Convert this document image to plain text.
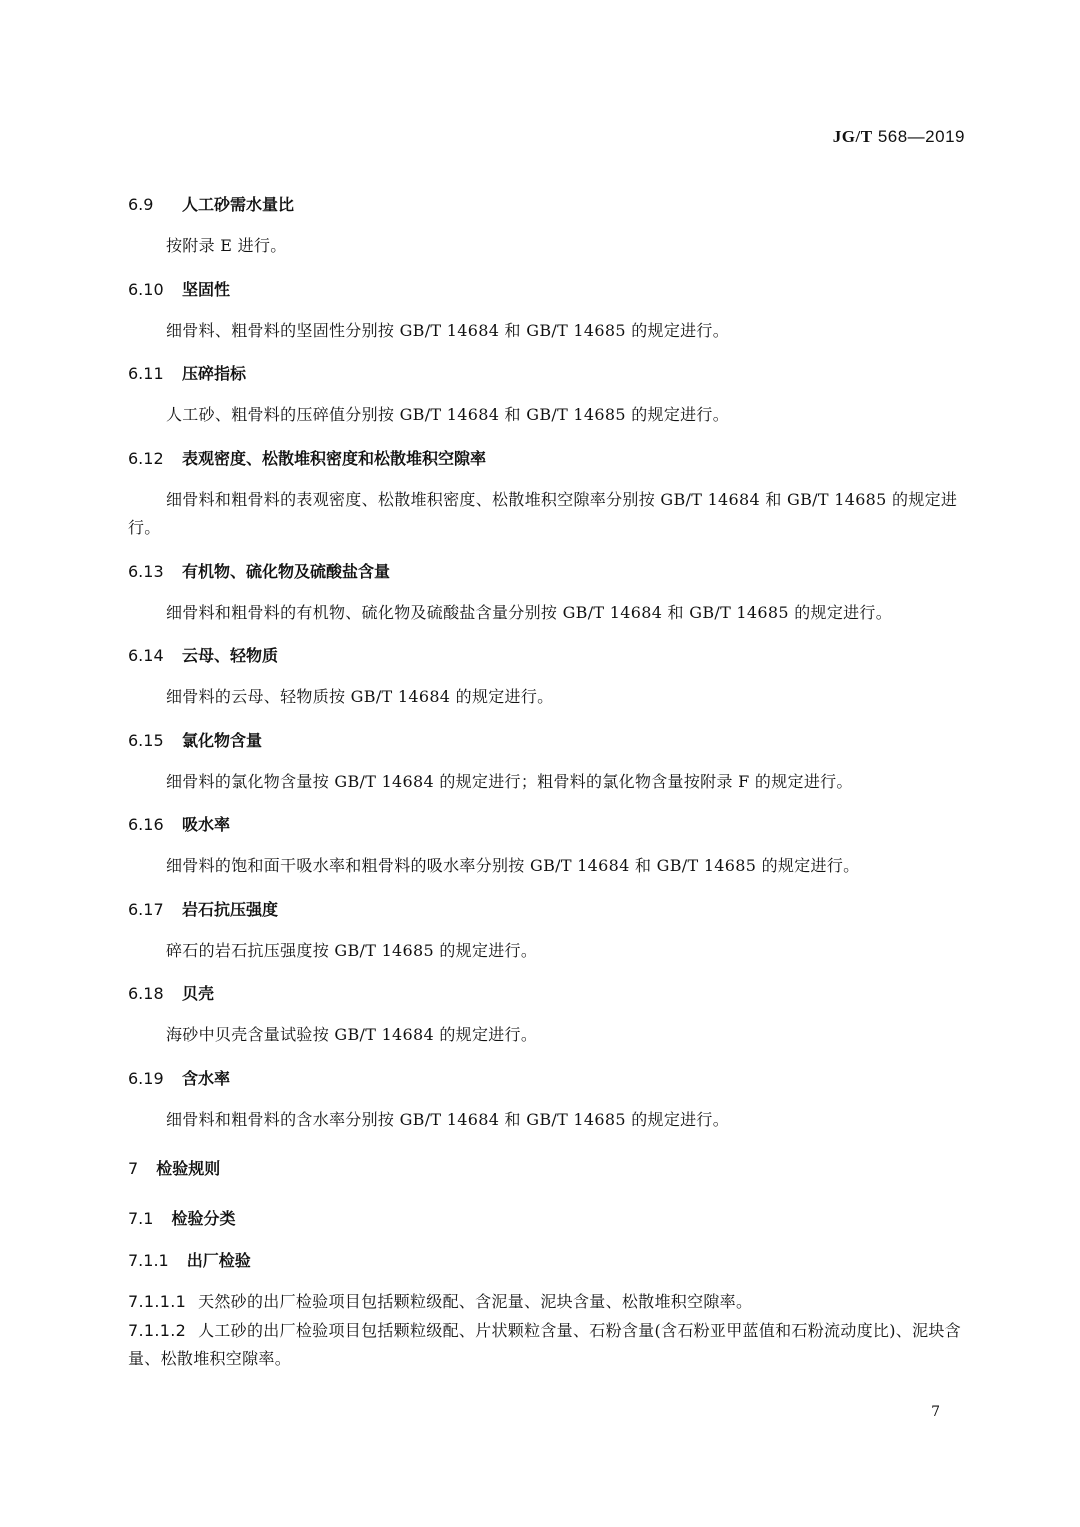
JG/T 568—2019
6.9 人工砂需水量比

按附录 E 进行。

6.10 坚固性

细骨料、粗骨料的坚固性分别按 GB/T 14684 和 GB/T 14685 的规定进行。

6.11 压碎指标

人工砂、粗骨料的压碎值分别按 GB/T 14684 和 GB/T 14685 的规定进行。

6.12 表观密度、松散堆积密度和松散堆积空隙率

细骨料和粗骨料的表观密度、松散堆积密度、松散堆积空隙率分别按 GB/T 14684 和 GB/T 14685 的规定进行。

6.13 有机物、硫化物及硫酸盐含量

细骨料和粗骨料的有机物、硫化物及硫酸盐含量分别按 GB/T 14684 和 GB/T 14685 的规定进行。

6.14 云母、轻物质

细骨料的云母、轻物质按 GB/T 14684 的规定进行。

6.15 氯化物含量

细骨料的氯化物含量按 GB/T 14684 的规定进行；粗骨料的氯化物含量按附录 F 的规定进行。

6.16 吸水率

细骨料的饱和面干吸水率和粗骨料的吸水率分别按 GB/T 14684 和 GB/T 14685 的规定进行。

6.17 岩石抗压强度

碎石的岩石抗压强度按 GB/T 14685 的规定进行。

6.18 贝壳

海砂中贝壳含量试验按 GB/T 14684 的规定进行。

6.19 含水率

细骨料和粗骨料的含水率分别按 GB/T 14684 和 GB/T 14685 的规定进行。

7 检验规则
7.1 检验分类
7.1.1 出厂检验

7.1.1.1 天然砂的出厂检验项目包括颗粒级配、含泥量、泥块含量、松散堆积空隙率。

7.1.1.2 人工砂的出厂检验项目包括颗粒级配、片状颗粒含量、石粉含量(含石粉亚甲蓝值和石粉流动度比)、泥块含量、松散堆积空隙率。

7
